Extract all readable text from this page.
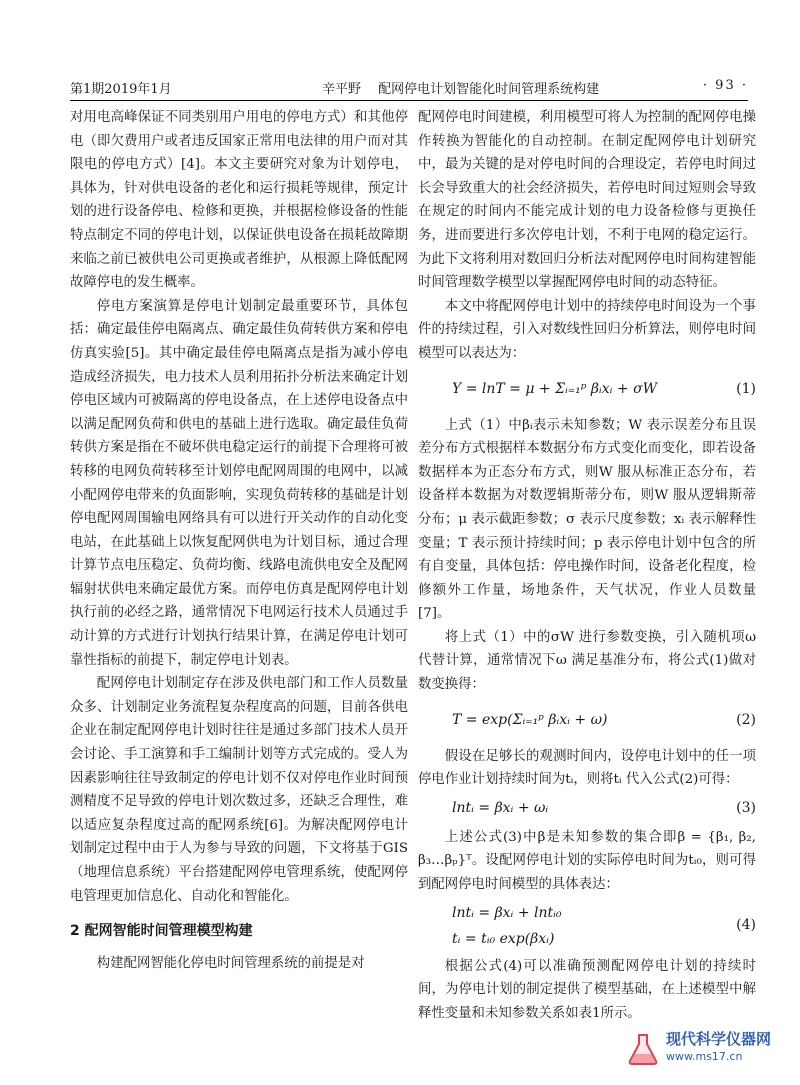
第1期2019年1月	辛平野　 配网停电计划智能化时间管理系统构建	· 93 ·

对用电高峰保证不同类别用户用电的停电方式）和其他停电（即欠费用户或者违反国家正常用电法律的用户而对其限电的停电方式）[4]。本文主要研究对象为计划停电，具体为，针对供电设备的老化和运行损耗等规律，预定计划的进行设备停电、检修和更换，并根据检修设备的性能特点制定不同的停电计划，以保证供电设备在损耗故障期来临之前已被供电公司更换或者维护，从根源上降低配网故障停电的发生概率。

停电方案演算是停电计划制定最重要环节，具体包括：确定最佳停电隔离点、确定最佳负荷转供方案和停电仿真实验[5]。其中确定最佳停电隔离点是指为减小停电造成经济损失，电力技术人员利用拓扑分析法来确定计划停电区域内可被隔离的停电设备点，在上述停电设备点中以满足配网负荷和供电的基础上进行选取。确定最佳负荷转供方案是指在不破坏供电稳定运行的前提下合理将可被转移的电网负荷转移至计划停电配网周围的电网中，以减小配网停电带来的负面影响，实现负荷转移的基础是计划停电配网周围输电网络具有可以进行开关动作的自动化变电站，在此基础上以恢复配网供电为计划目标，通过合理计算节点电压稳定、负荷均衡、线路电流供电安全及配网辐射状供电来确定最优方案。而停电仿真是配网停电计划执行前的必经之路，通常情况下电网运行技术人员通过手动计算的方式进行计划执行结果计算，在满足停电计划可靠性指标的前提下，制定停电计划表。

配网停电计划制定存在涉及供电部门和工作人员数量众多、计划制定业务流程复杂程度高的问题，目前各供电企业在制定配网停电计划时往往是通过多部门技术人员开会讨论、手工演算和手工编制计划等方式完成的。受人为因素影响往往导致制定的停电计划不仅对停电作业时间预测精度不足导致的停电计划次数过多，还缺乏合理性，难以适应复杂程度过高的配网系统[6]。为解决配网停电计划制定过程中由于人为参与导致的问题，下文将基于GIS（地理信息系统）平台搭建配网停电管理系统，使配网停电管理更加信息化、自动化和智能化。

2 配网智能时间管理模型构建

构建配网智能化停电时间管理系统的前提是对

配网停电时间建模，利用模型可将人为控制的配网停电操作转换为智能化的自动控制。在制定配网停电计划研究中，最为关键的是对停电时间的合理设定，若停电时间过长会导致重大的社会经济损失，若停电时间过短则会导致在规定的时间内不能完成计划的电力设备检修与更换任务，进而要进行多次停电计划，不利于电网的稳定运行。为此下文将利用对数回归分析法对配网停电时间构建智能时间管理数学模型以掌握配网停电时间的动态特征。

本文中将配网停电计划中的持续停电时间设为一个事件的持续过程，引入对数线性回归分析算法，则停电时间模型可以表达为：

Y = lnT = μ + Σᵢ₌₁ᵖ βᵢxᵢ + σW	(1)

上式（1）中βᵢ表示未知参数；W 表示误差分布且误差分布方式根据样本数据分布方式变化而变化，即若设备数据样本为正态分布方式，则W 服从标准正态分布，若设备样本数据为对数逻辑斯蒂分布，则W 服从逻辑斯蒂分布；μ 表示截距参数；σ 表示尺度参数；xᵢ 表示解释性变量；T 表示预计持续时间；p 表示停电计划中包含的所有自变量，具体包括：停电操作时间，设备老化程度，检修额外工作量，场地条件，天气状况，作业人员数量[7]。

将上式（1）中的σW 进行参数变换，引入随机项ω 代替计算，通常情况下ω 满足基准分布，将公式(1)做对数变换得：

T = exp(Σᵢ₌₁ᵖ βᵢxᵢ + ω)	(2)

假设在足够长的观测时间内，设停电计划中的任一项停电作业计划持续时间为tᵢ，则将tᵢ 代入公式(2)可得：

lntᵢ = βxᵢ + ωᵢ	(3)

上述公式(3)中β是未知参数的集合即β = {β₁, β₂, β₃…βₚ}ᵀ。设配网停电计划的实际停电时间为tᵢ₀，则可得到配网停电时间模型的具体表达：

lntᵢ = βxᵢ + lntᵢ₀
tᵢ = tᵢ₀ exp(βxᵢ)
(4)

根据公式(4)可以准确预测配网停电计划的持续时间，为停电计划的制定提供了模型基础，在上述模型中解释性变量和未知参数关系如表1所示。

现代科学仪器网
www.ms17.cn
